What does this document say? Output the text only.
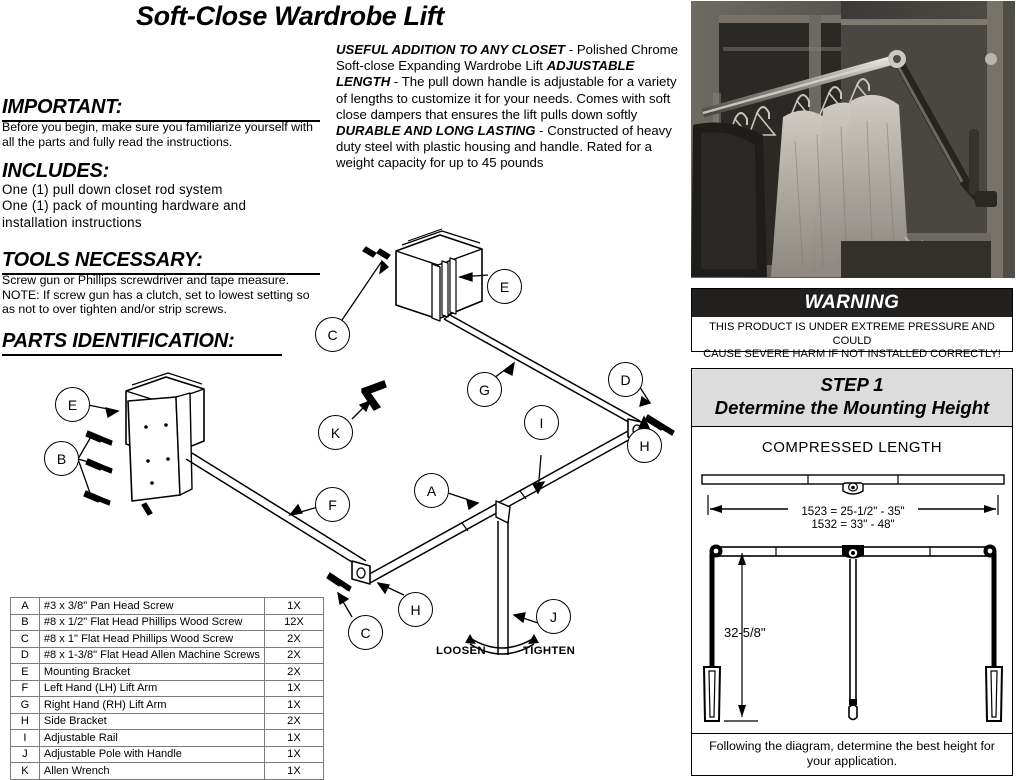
Soft-Close Wardrobe Lift
IMPORTANT:
Before you begin, make sure you familiarize yourself with all the parts and fully read the instructions.
INCLUDES:
One (1) pull down closet rod system
One (1) pack of mounting hardware and
installation instructions
TOOLS NECESSARY:
Screw gun or Phillips screwdriver and tape measure. NOTE: If screw gun has a clutch, set to lowest setting so as not to over tighten and/or strip screws.
PARTS IDENTIFICATION:
USEFUL ADDITION TO ANY CLOSET - Polished Chrome Soft-close Expanding Wardrobe Lift ADJUSTABLE LENGTH - The pull down handle is adjustable for a variety of lengths to customize it for your needs. Comes with soft close dampers that ensures the lift pulls down softly DURABLE AND LONG LASTING - Constructed of heavy duty steel with plastic housing and handle. Rated for a weight capacity for up to 45 pounds
WARNING
THIS PRODUCT IS UNDER EXTREME PRESSURE AND COULD
CAUSE SEVERE HARM IF NOT INSTALLED CORRECTLY!
STEP 1
Determine the Mounting Height
COMPRESSED LENGTH
1523 = 25-1/2" - 35"
1532 = 33" - 48"
32-5/8"
Following the diagram, determine the best height for your application.
E
C
G
D
H
I
A
F
K
E
B
H
C
J
LOOSEN	TIGHTEN
A	#3 x 3/8" Pan Head Screw	1X
B	#8 x 1/2" Flat Head Phillips Wood Screw	12X
C	#8 x 1" Flat Head Phillips Wood Screw	2X
D	#8 x 1-3/8" Flat Head Allen Machine Screws	2X
E	Mounting Bracket	2X
F	Left Hand (LH) Lift Arm	1X
G	Right Hand (RH) Lift Arm	1X
H	Side Bracket	2X
I	Adjustable Rail	1X
J	Adjustable Pole with Handle	1X
K	Allen Wrench	1X
